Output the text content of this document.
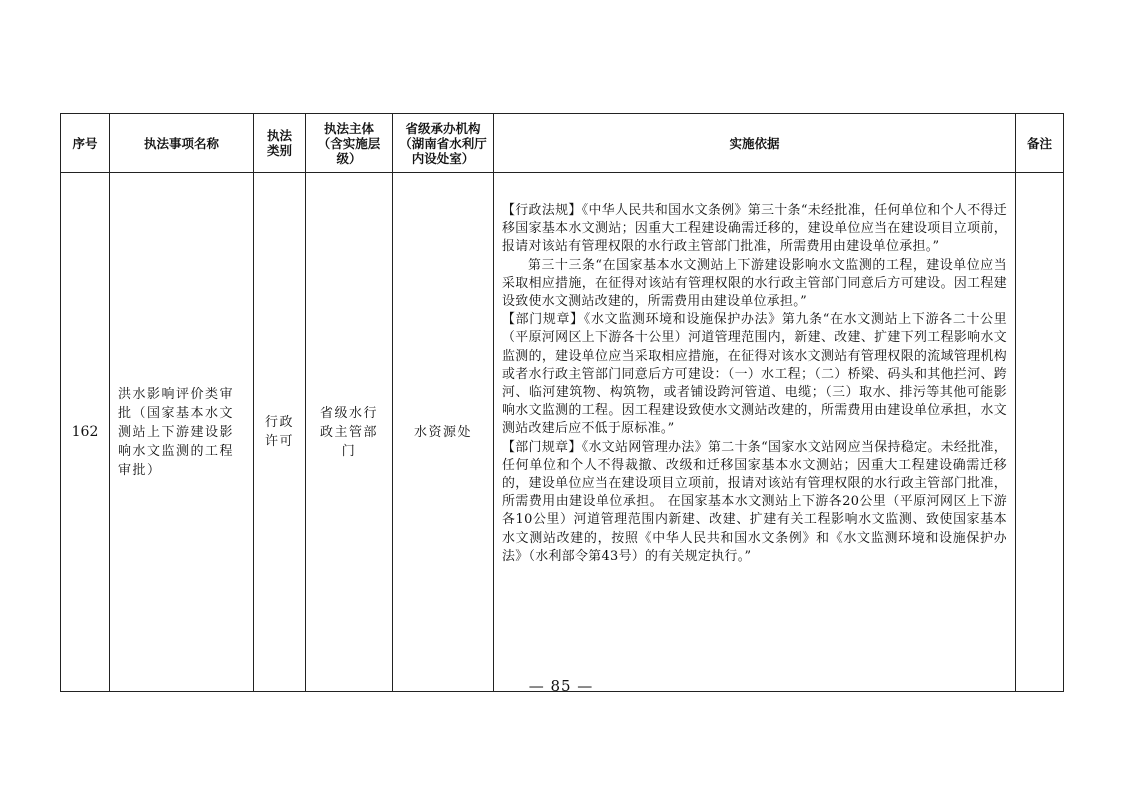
序号	执法事项名称	执法类别	执法主体（含实施层级）	省级承办机构（湖南省水利厅内设处室）	实施依据	备注
162	洪水影响评价类审批（国家基本水文测站上下游建设影响水文监测的工程审批）	行政许可	省级水行政主管部门	水资源处	【行政法规】《中华人民共和国水文条例》第三十条“未经批准，任何单位和个人不得迁移国家基本水文测站；因重大工程建设确需迁移的，建设单位应当在建设项目立项前，报请对该站有管理权限的水行政主管部门批准，所需费用由建设单位承担。”

第三十三条“在国家基本水文测站上下游建设影响水文监测的工程，建设单位应当采取相应措施，在征得对该站有管理权限的水行政主管部门同意后方可建设。因工程建设致使水文测站改建的，所需费用由建设单位承担。”

【部门规章】《水文监测环境和设施保护办法》第九条“在水文测站上下游各二十公里（平原河网区上下游各十公里）河道管理范围内，新建、改建、扩建下列工程影响水文监测的，建设单位应当采取相应措施，在征得对该水文测站有管理权限的流域管理机构或者水行政主管部门同意后方可建设：（一）水工程；（二）桥梁、码头和其他拦河、跨河、临河建筑物、构筑物，或者铺设跨河管道、电缆；（三）取水、排污等其他可能影响水文监测的工程。因工程建设致使水文测站改建的，所需费用由建设单位承担，水文测站改建后应不低于原标准。”

【部门规章】《水文站网管理办法》第二十条“国家水文站网应当保持稳定。未经批准，任何单位和个人不得裁撤、改级和迁移国家基本水文测站；因重大工程建设确需迁移的，建设单位应当在建设项目立项前，报请对该站有管理权限的水行政主管部门批准，所需费用由建设单位承担。 在国家基本水文测站上下游各20公里（平原河网区上下游各10公里）河道管理范围内新建、改建、扩建有关工程影响水文监测、致使国家基本水文测站改建的，按照《中华人民共和国水文条例》和《水文监测环境和设施保护办法》（水利部令第43号）的有关规定执行。”	

— 85 —
